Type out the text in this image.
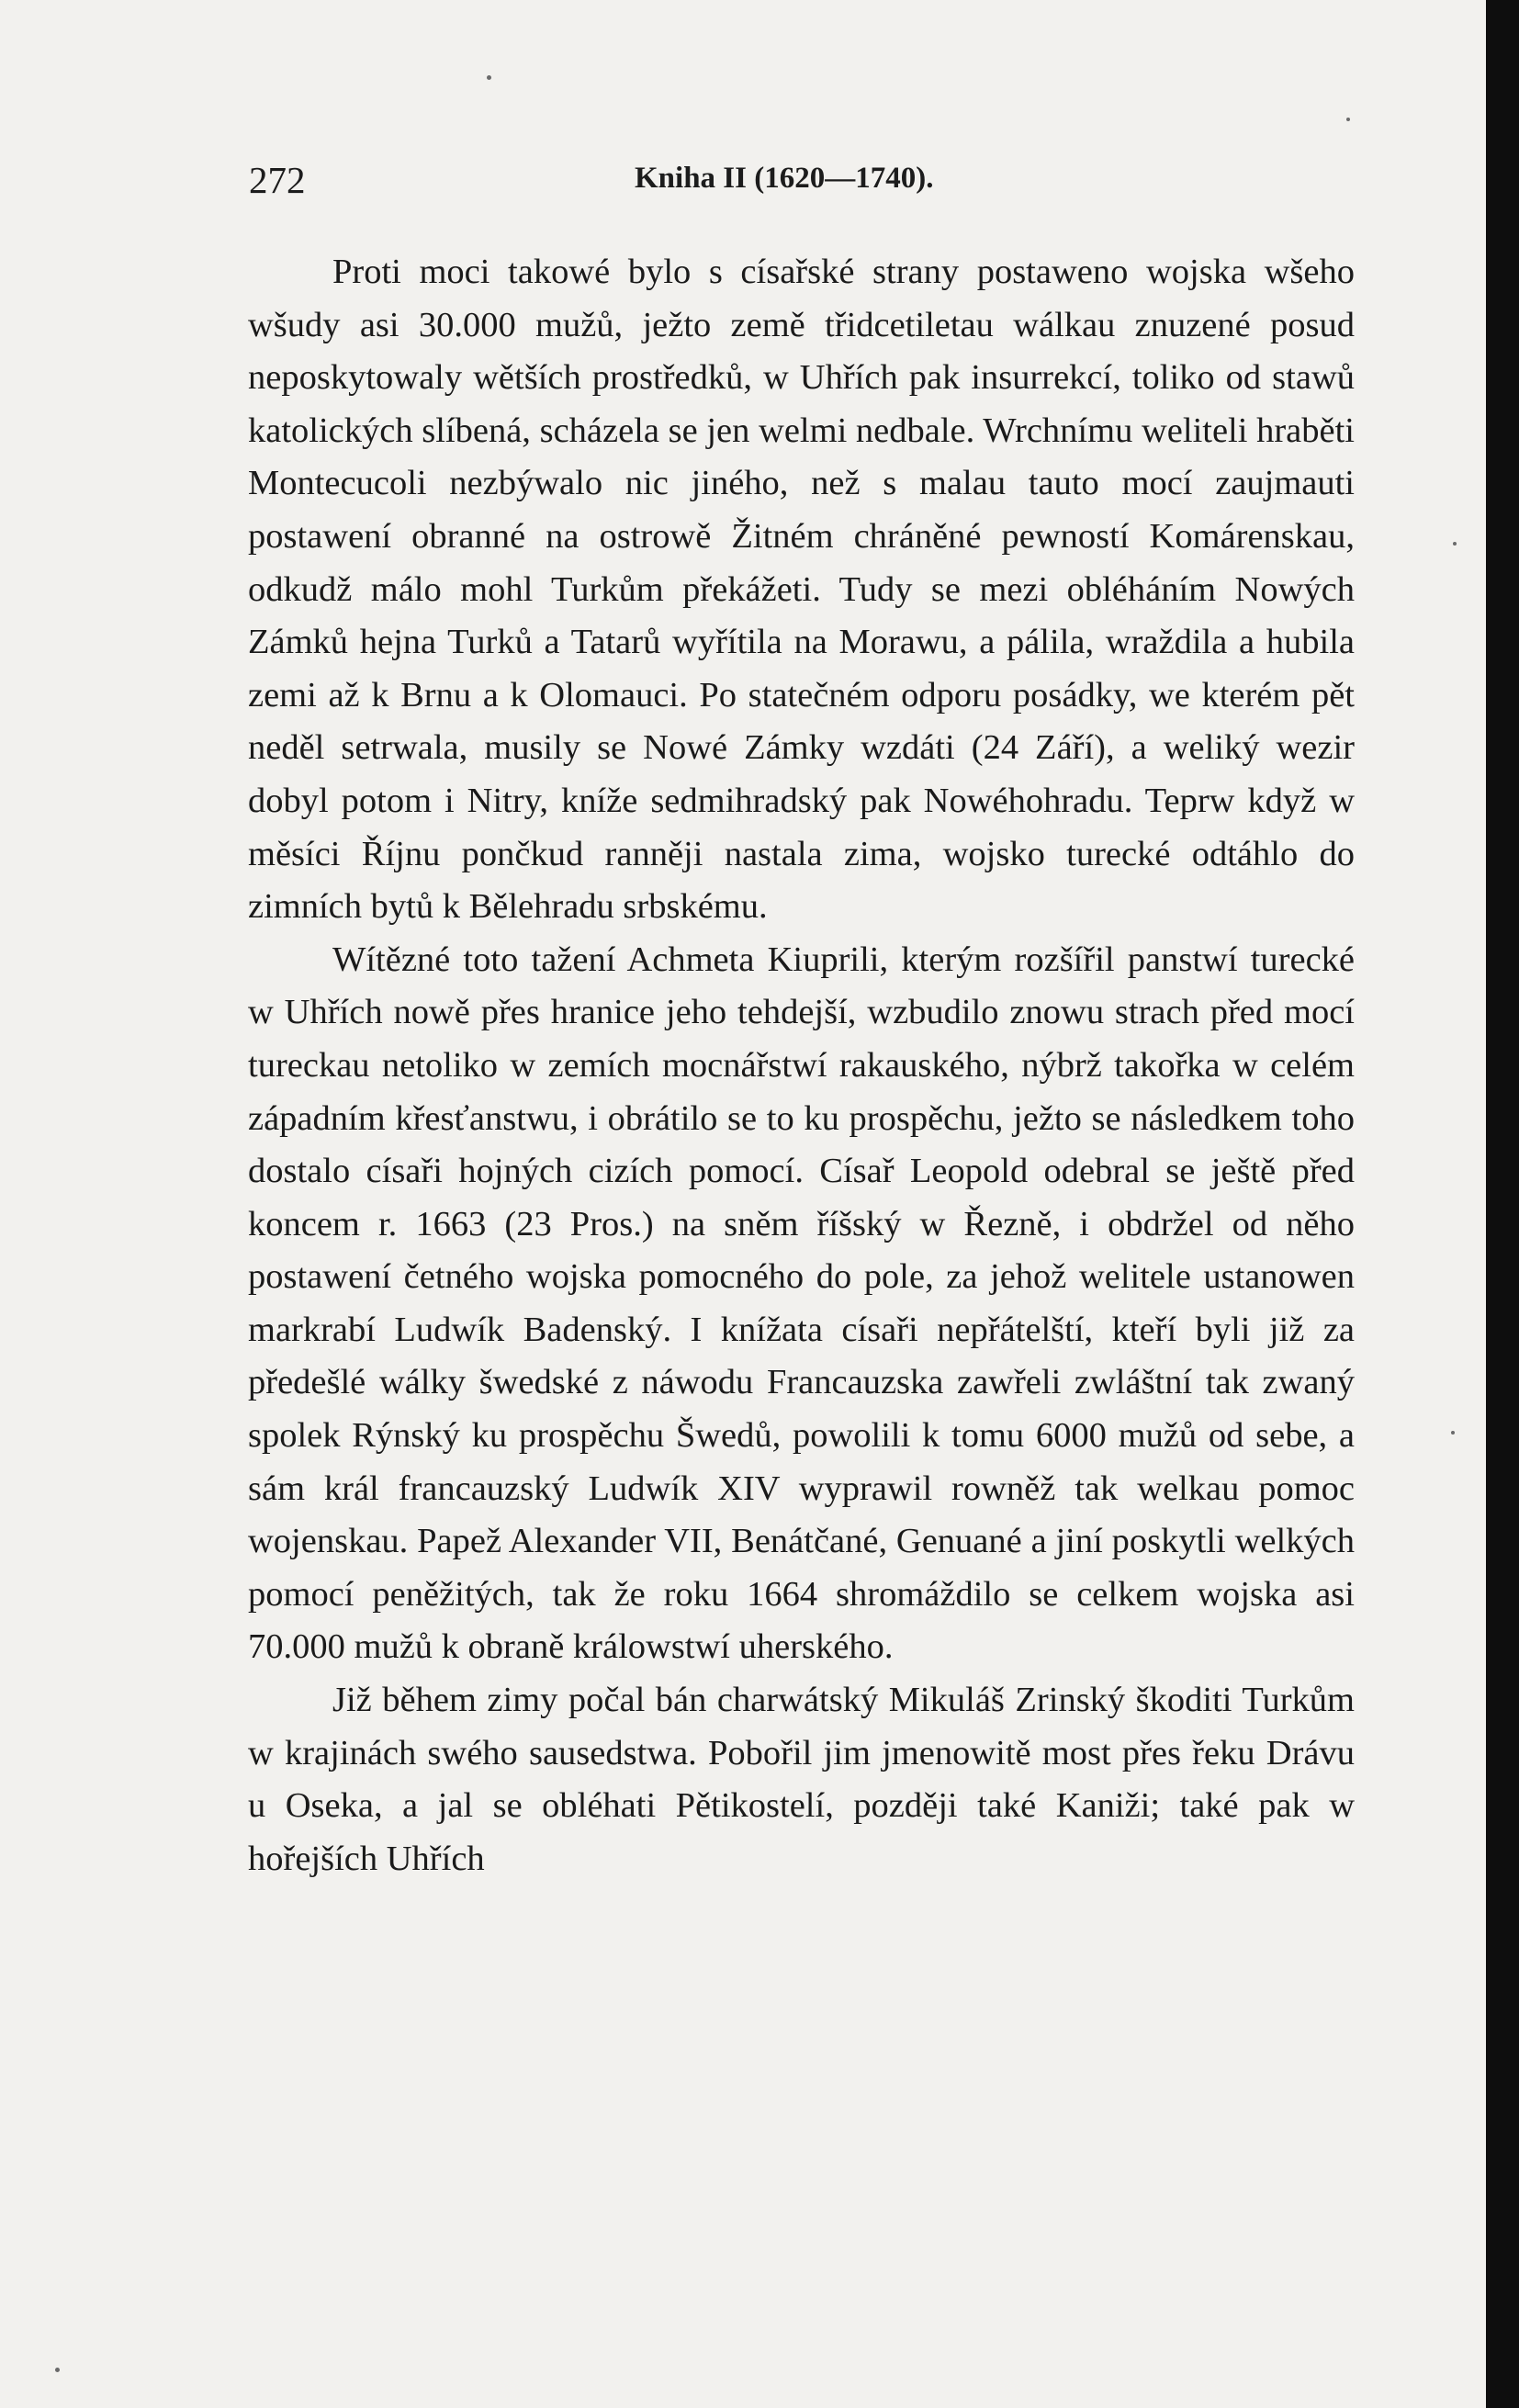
272	Kniha II (1620—1740).

Proti moci takowé bylo s císařské strany postaweno wojska wšeho wšudy asi 30.000 mužů, ježto země třidcetiletau wálkau znuzené posud neposkytowaly wětších prostředků, w Uhřích pak insurrekcí, toliko od stawů katolických slíbená, scházela se jen welmi nedbale. Wrchnímu weliteli hraběti Montecucoli nezbýwalo nic jiného, než s malau tauto mocí zaujmauti postawení obranné na ostrowě Žitném chráněné pewností Komárenskau, odkudž málo mohl Turkům překážeti. Tudy se mezi obléháním Nowých Zámků hejna Turků a Tatarů wyřítila na Morawu, a pálila, wraždila a hubila zemi až k Brnu a k Olomauci. Po statečném odporu posádky, we kterém pět neděl setrwala, musily se Nowé Zámky wzdáti (24 Září), a weliký wezir dobyl potom i Nitry, kníže sedmihradský pak Nowéhohradu. Teprw když w měsíci Říjnu pončkud ranněji nastala zima, wojsko turecké odtáhlo do zimních bytů k Bělehradu srbskému.

Wítězné toto tažení Achmeta Kiuprili, kterým rozšířil panstwí turecké w Uhřích nowě přes hranice jeho tehdejší, wzbudilo znowu strach před mocí tureckau netoliko w zemích mocnářstwí rakauského, nýbrž takořka w celém západním křesťanstwu, i obrátilo se to ku prospěchu, ježto se následkem toho dostalo císaři hojných cizích pomocí. Císař Leopold odebral se ještě před koncem r. 1663 (23 Pros.) na sněm říšský w Řezně, i obdržel od něho postawení četného wojska pomocného do pole, za jehož welitele ustanowen markrabí Ludwík Badenský. I knížata císaři nepřátelští, kteří byli již za předešlé wálky šwedské z náwodu Francauzska zawřeli zwláštní tak zwaný spolek Rýnský ku prospěchu Šwedů, powolili k tomu 6000 mužů od sebe, a sám král francauzský Ludwík XIV wyprawil rowněž tak welkau pomoc wojenskau. Papež Alexander VII, Benátčané, Genuané a jiní poskytli welkých pomocí peněžitých, tak že roku 1664 shromáždilo se celkem wojska asi 70.000 mužů k obraně králowstwí uherského.

Již během zimy počal bán charwátský Mikuláš Zrinský škoditi Turkům w krajinách swého sausedstwa. Pobořil jim jmenowitě most přes řeku Drávu u Oseka, a jal se obléhati Pětikostelí, později také Kaniži; také pak w hořejších Uhřích
